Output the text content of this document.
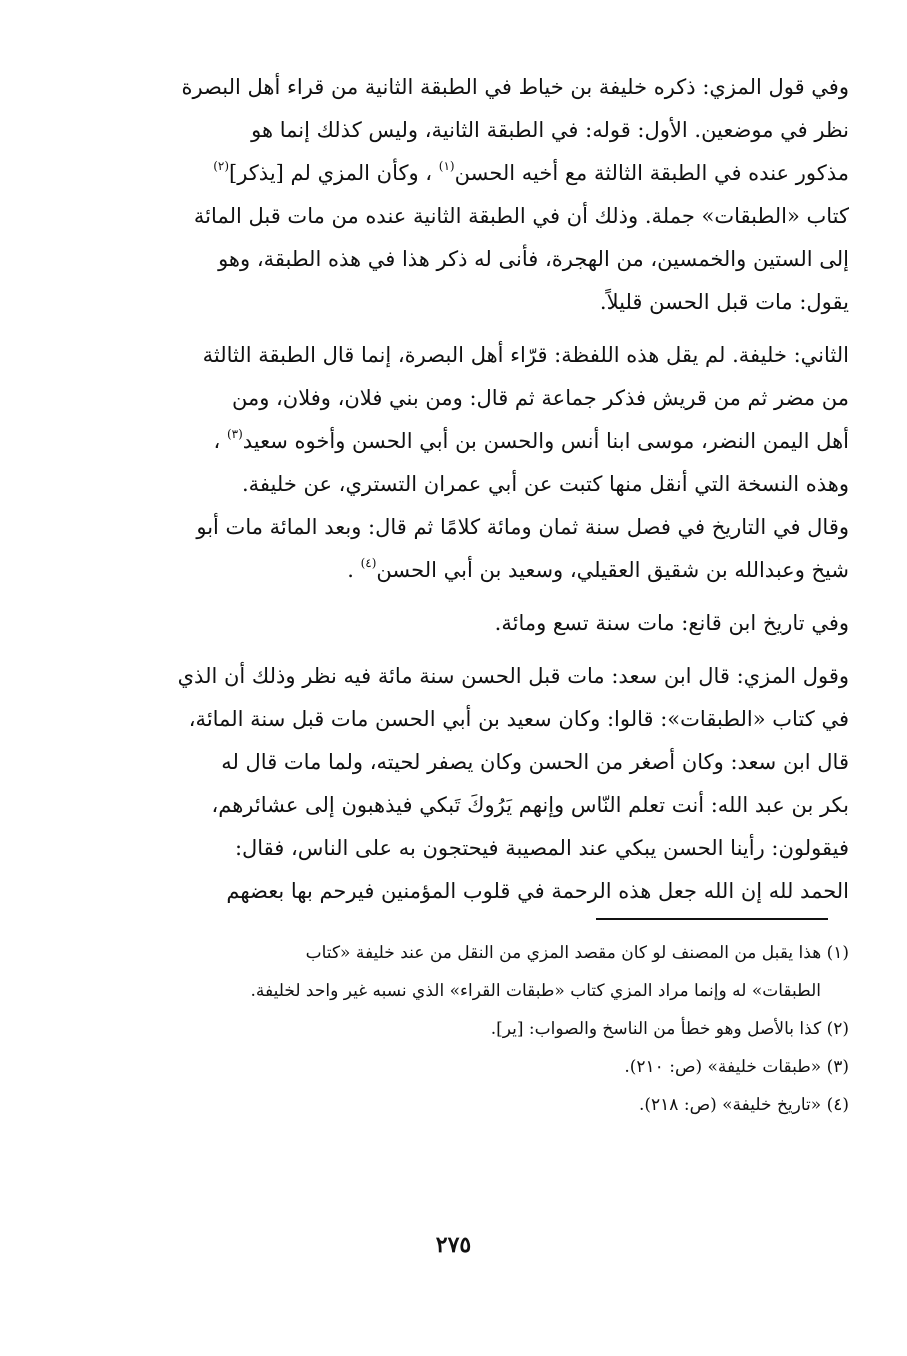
وفي قول المزي: ذكره خليفة بن خياط في الطبقة الثانية من قراء أهل البصرة
نظر في موضعين. الأول: قوله: في الطبقة الثانية، وليس كذلك إنما هو
مذكور عنده في الطبقة الثالثة مع أخيه الحسن$^{(١)}$ ، وكأن المزي لم [يذكر]$^{(٢)}$
كتاب «الطبقات» جملة. وذلك أن في الطبقة الثانية عنده من مات قبل المائة
إلى الستين والخمسين، من الهجرة، فأنى له ذكر هذا في هذه الطبقة، وهو
يقول: مات قبل الحسن قليلاً.

الثاني: خليفة. لم يقل هذه اللفظة: قرّاء أهل البصرة، إنما قال الطبقة الثالثة
من مضر ثم من قريش فذكر جماعة ثم قال: ومن بني فلان، وفلان، ومن
أهل اليمن النضر، موسى ابنا أنس والحسن بن أبي الحسن وأخوه سعيد$^{(٣)}$ ،
وهذه النسخة التي أنقل منها كتبت عن أبي عمران التستري، عن خليفة.
وقال في التاريخ في فصل سنة ثمان ومائة كلامًا ثم قال: وبعد المائة مات أبو
شيخ وعبدالله بن شقيق العقيلي، وسعيد بن أبي الحسن$^{(٤)}$ .

وفي تاريخ ابن قانع: مات سنة تسع ومائة.

وقول المزي: قال ابن سعد: مات قبل الحسن سنة مائة فيه نظر وذلك أن الذي
في كتاب «الطبقات»: قالوا: وكان سعيد بن أبي الحسن مات قبل سنة المائة،
قال ابن سعد: وكان أصغر من الحسن وكان يصفر لحيته، ولما مات قال له
بكر بن عبد الله: أنت تعلم النّاس وإنهم يَرُوكَ تَبكي فيذهبون إلى عشائرهم،
فيقولون: رأينا الحسن يبكي عند المصيبة فيحتجون به على الناس، فقال:
الحمد لله إن الله جعل هذه الرحمة في قلوب المؤمنين فيرحم بها بعضهم

(١) هذا يقبل من المصنف لو كان مقصد المزي من النقل من عند خليفة «كتاب
الطبقات» له وإنما مراد المزي كتاب «طبقات القراء» الذي نسبه غير واحد لخليفة.
(٢) كذا بالأصل وهو خطأ من الناسخ والصواب: [ير].
(٣) «طبقات خليفة» (ص: ٢١٠).
(٤) «تاريخ خليفة» (ص: ٢١٨).
٢٧٥
